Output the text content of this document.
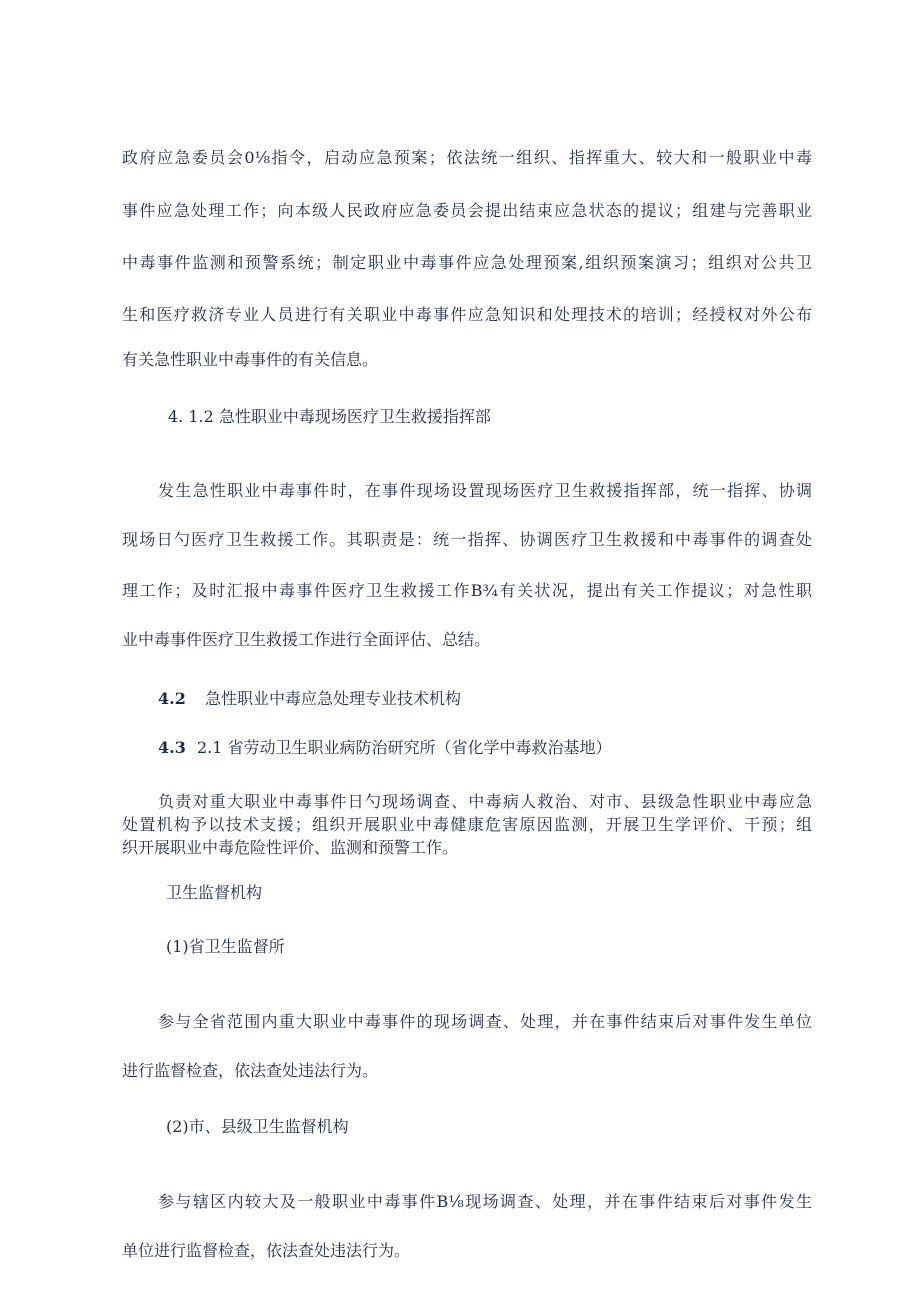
政府应急委员会0⅛指令，启动应急预案；依法统一组织、指挥重大、较大和一般职业中毒
事件应急处理工作；向本级人民政府应急委员会提出结束应急状态的提议；组建与完善职业
中毒事件监测和预警系统；制定职业中毒事件应急处理预案,组织预案演习；组织对公共卫
生和医疗救济专业人员进行有关职业中毒事件应急知识和处理技术的培训；经授权对外公布
有关急性职业中毒事件的有关信息。
4. 1.2 急性职业中毒现场医疗卫生救援指挥部
发生急性职业中毒事件时，在事件现场设置现场医疗卫生救援指挥部，统一指挥、协调
现场日勺医疗卫生救援工作。其职责是：统一指挥、协调医疗卫生救援和中毒事件的调查处
理工作；及时汇报中毒事件医疗卫生救援工作B¾有关状况，提出有关工作提议；对急性职
业中毒事件医疗卫生救援工作进行全面评估、总结。
4.2 急性职业中毒应急处理专业技术机构
4.3 2.1 省劳动卫生职业病防治研究所（省化学中毒救治基地）
负责对重大职业中毒事件日勺现场调查、中毒病人救治、对市、县级急性职业中毒应急
处置机构予以技术支援；组织开展职业中毒健康危害原因监测，开展卫生学评价、干预；组
织开展职业中毒危险性评价、监测和预警工作。
卫生监督机构
(1)省卫生监督所
参与全省范围内重大职业中毒事件的现场调查、处理，并在事件结束后对事件发生单位
进行监督检查，依法查处违法行为。
(2)市、县级卫生监督机构
参与辖区内较大及一般职业中毒事件B⅛现场调查、处理，并在事件结束后对事件发生
单位进行监督检查，依法查处违法行为。
